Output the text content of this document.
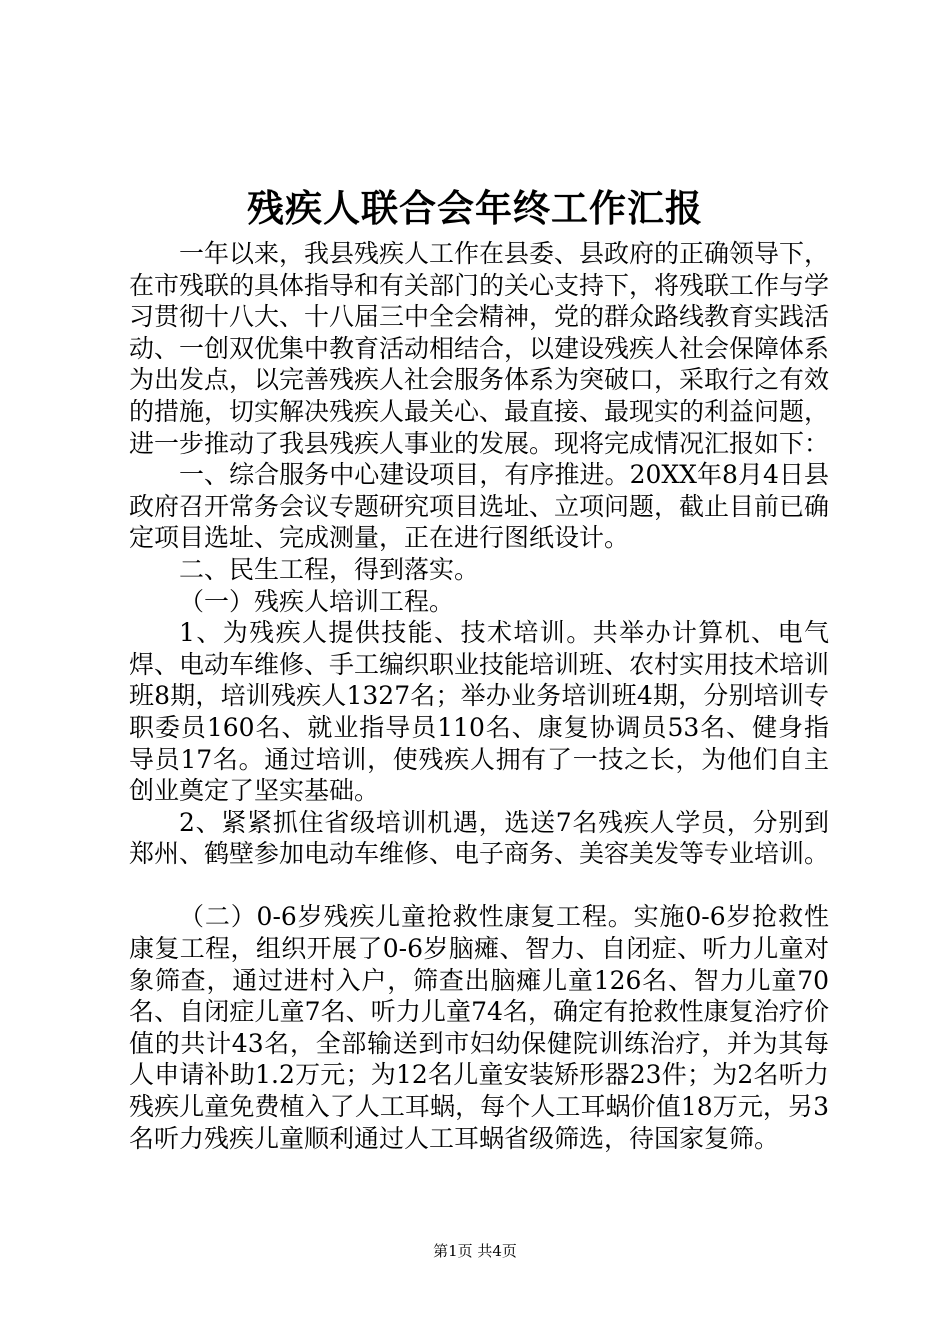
残疾人联合会年终工作汇报

一年以来，我县残疾人工作在县委、县政府的正确领导下，在市残联的具体指导和有关部门的关心支持下，将残联工作与学习贯彻十八大、十八届三中全会精神，党的群众路线教育实践活动、一创双优集中教育活动相结合，以建设残疾人社会保障体系为出发点，以完善残疾人社会服务体系为突破口，采取行之有效的措施，切实解决残疾人最关心、最直接、最现实的利益问题，进一步推动了我县残疾人事业的发展。现将完成情况汇报如下：

一、综合服务中心建设项目，有序推进。20XX年8月4日县政府召开常务会议专题研究项目选址、立项问题，截止目前已确定项目选址、完成测量，正在进行图纸设计。

二、民生工程，得到落实。

（一）残疾人培训工程。

1、为残疾人提供技能、技术培训。共举办计算机、电气焊、电动车维修、手工编织职业技能培训班、农村实用技术培训班8期，培训残疾人1327名；举办业务培训班4期，分别培训专职委员160名、就业指导员110名、康复协调员53名、健身指导员17名。通过培训，使残疾人拥有了一技之长，为他们自主创业奠定了坚实基础。

2、紧紧抓住省级培训机遇，选送7名残疾人学员，分别到郑州、鹤壁参加电动车维修、电子商务、美容美发等专业培训。

（二）0-6岁残疾儿童抢救性康复工程。实施0-6岁抢救性康复工程，组织开展了0-6岁脑瘫、智力、自闭症、听力儿童对象筛查，通过进村入户，筛查出脑瘫儿童126名、智力儿童70名、自闭症儿童7名、听力儿童74名，确定有抢救性康复治疗价值的共计43名，全部输送到市妇幼保健院训练治疗，并为其每人申请补助1.2万元；为12名儿童安装矫形器23件；为2名听力残疾儿童免费植入了人工耳蜗，每个人工耳蜗价值18万元，另3名听力残疾儿童顺利通过人工耳蜗省级筛选，待国家复筛。

第1页 共4页
